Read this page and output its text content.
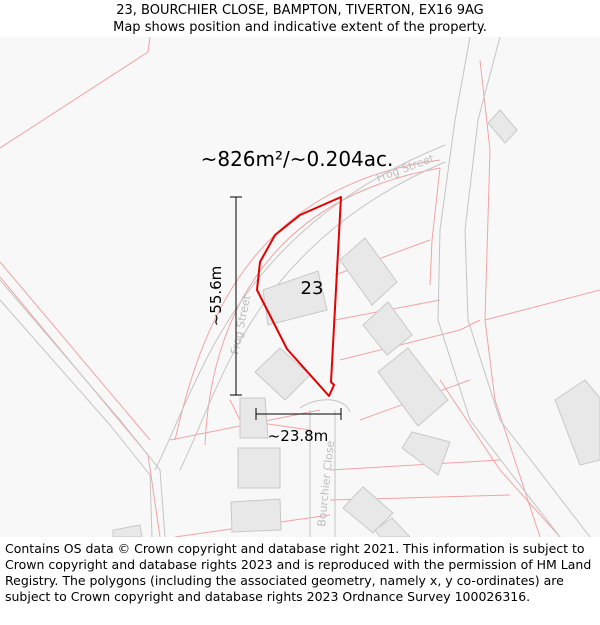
23, BOURCHIER CLOSE, BAMPTON, TIVERTON, EX16 9AG
Map shows position and indicative extent of the property.
Frog Street
Frog Street
Bourchier Close
~826m²/~0.204ac.
23
~55.6m
~23.8m
Contains OS data © Crown copyright and database right 2021. This information is subject to Crown copyright and database rights 2023 and is reproduced with the permission of HM Land Registry. The polygons (including the associated geometry, namely x, y co-ordinates) are subject to Crown copyright and database rights 2023 Ordnance Survey 100026316.
